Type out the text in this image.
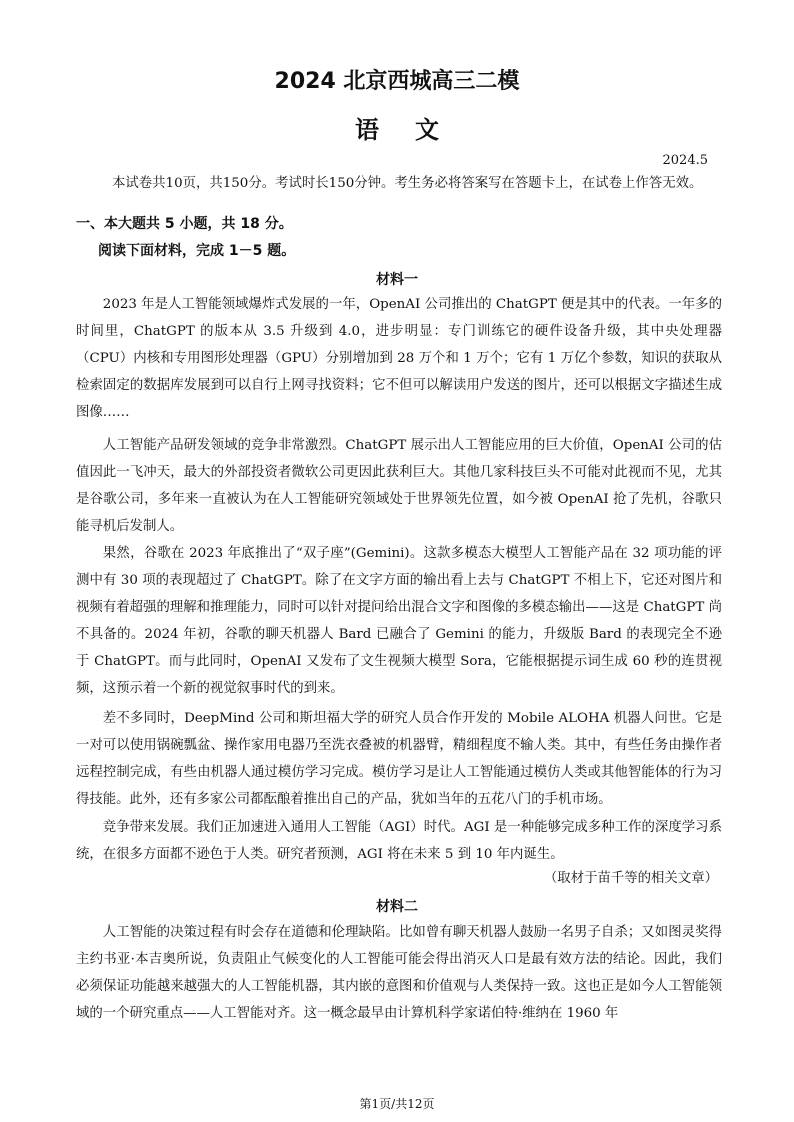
2024 北京西城高三二模
语文
2024.5
本试卷共10页，共150分。考试时长150分钟。考生务必将答案写在答题卡上，在试卷上作答无效。
一、本大题共 5 小题，共 18 分。
阅读下面材料，完成 1－5 题。
材料一

2023 年是人工智能领域爆炸式发展的一年，OpenAI 公司推出的 ChatGPT 便是其中的代表。一年多的时间里，ChatGPT 的版本从 3.5 升级到 4.0，进步明显：专门训练它的硬件设备升级，其中央处理器（CPU）内核和专用图形处理器（GPU）分别增加到 28 万个和 1 万个；它有 1 万亿个参数，知识的获取从检索固定的数据库发展到可以自行上网寻找资料；它不但可以解读用户发送的图片，还可以根据文字描述生成图像……

人工智能产品研发领域的竞争非常激烈。ChatGPT 展示出人工智能应用的巨大价值，OpenAI 公司的估值因此一飞冲天，最大的外部投资者微软公司更因此获利巨大。其他几家科技巨头不可能对此视而不见，尤其是谷歌公司，多年来一直被认为在人工智能研究领域处于世界领先位置，如今被 OpenAI 抢了先机，谷歌只能寻机后发制人。

果然，谷歌在 2023 年底推出了“双子座”(Gemini)。这款多模态大模型人工智能产品在 32 项功能的评测中有 30 项的表现超过了 ChatGPT。除了在文字方面的输出看上去与 ChatGPT 不相上下，它还对图片和视频有着超强的理解和推理能力，同时可以针对提问给出混合文字和图像的多模态输出——这是 ChatGPT 尚不具备的。2024 年初，谷歌的聊天机器人 Bard 已融合了 Gemini 的能力，升级版 Bard 的表现完全不逊于 ChatGPT。而与此同时，OpenAI 又发布了文生视频大模型 Sora，它能根据提示词生成 60 秒的连贯视频，这预示着一个新的视觉叙事时代的到来。

差不多同时，DeepMind 公司和斯坦福大学的研究人员合作开发的 Mobile ALOHA 机器人问世。它是一对可以使用锅碗瓢盆、操作家用电器乃至洗衣叠被的机器臂，精细程度不输人类。其中，有些任务由操作者远程控制完成，有些由机器人通过模仿学习完成。模仿学习是让人工智能通过模仿人类或其他智能体的行为习得技能。此外，还有多家公司都酝酿着推出自己的产品，犹如当年的五花八门的手机市场。

竞争带来发展。我们正加速进入通用人工智能（AGI）时代。AGI 是一种能够完成多种工作的深度学习系统，在很多方面都不逊色于人类。研究者预测，AGI 将在未来 5 到 10 年内诞生。

（取材于苗千等的相关文章）
材料二

人工智能的决策过程有时会存在道德和伦理缺陷。比如曾有聊天机器人鼓励一名男子自杀；又如图灵奖得主约书亚·本吉奥所说，负责阻止气候变化的人工智能可能会得出消灭人口是最有效方法的结论。因此，我们必须保证功能越来越强大的人工智能机器，其内嵌的意图和价值观与人类保持一致。这也正是如今人工智能领域的一个研究重点——人工智能对齐。这一概念最早由计算机科学家诺伯特·维纳在 1960 年

第1页/共12页
